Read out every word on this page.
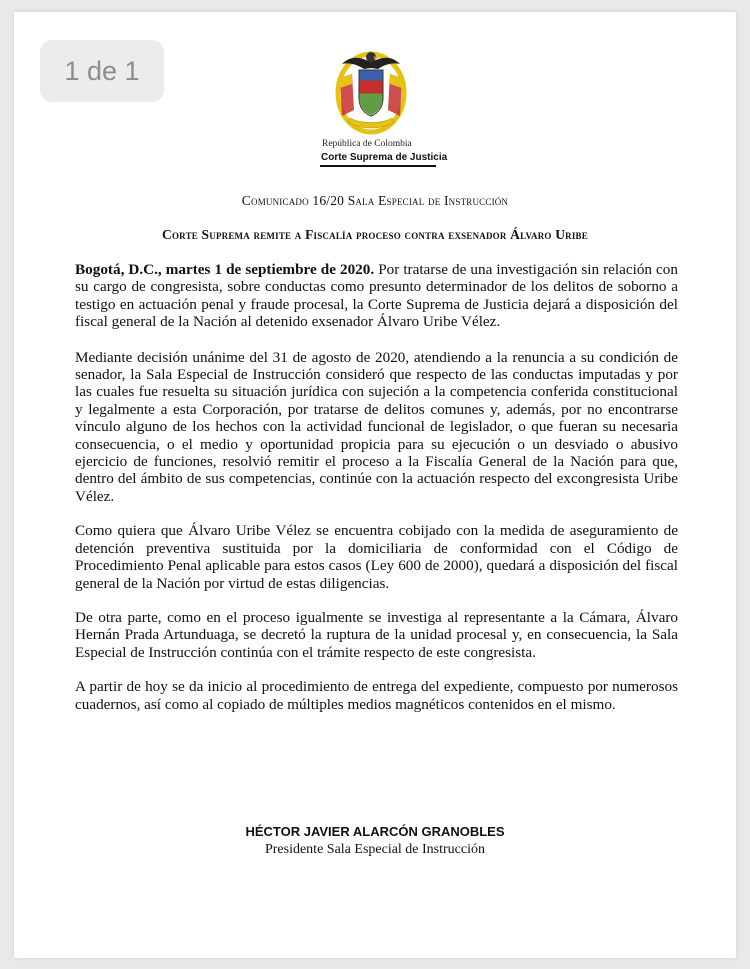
1 de 1
República de Colombia
Corte Suprema de Justicia
Comunicado 16/20 Sala Especial de Instrucción
Corte Suprema remite a Fiscalía proceso contra exsenador Álvaro Uribe

Bogotá, D.C., martes 1 de septiembre de 2020. Por tratarse de una investigación sin relación con su cargo de congresista, sobre conductas como presunto determinador de los delitos de soborno a testigo en actuación penal y fraude procesal, la Corte Suprema de Justicia dejará a disposición del fiscal general de la Nación al detenido exsenador Álvaro Uribe Vélez.

Mediante decisión unánime del 31 de agosto de 2020, atendiendo a la renuncia a su condición de senador, la Sala Especial de Instrucción consideró que respecto de las conductas imputadas y por las cuales fue resuelta su situación jurídica con sujeción a la competencia conferida constitucional y legalmente a esta Corporación, por tratarse de delitos comunes y, además, por no encontrarse vínculo alguno de los hechos con la actividad funcional de legislador, o que fueran su necesaria consecuencia, o el medio y oportunidad propicia para su ejecución o un desviado o abusivo ejercicio de funciones, resolvió remitir el proceso a la Fiscalía General de la Nación para que, dentro del ámbito de sus competencias, continúe con la actuación respecto del excongresista Uribe Vélez.

Como quiera que Álvaro Uribe Vélez se encuentra cobijado con la medida de aseguramiento de detención preventiva sustituida por la domiciliaria de conformidad con el Código de Procedimiento Penal aplicable para estos casos (Ley 600 de 2000), quedará a disposición del fiscal general de la Nación por virtud de estas diligencias.

De otra parte, como en el proceso igualmente se investiga al representante a la Cámara, Álvaro Hernán Prada Artunduaga, se decretó la ruptura de la unidad procesal y, en consecuencia, la Sala Especial de Instrucción continúa con el trámite respecto de este congresista.

A partir de hoy se da inicio al procedimiento de entrega del expediente, compuesto por numerosos cuadernos, así como al copiado de múltiples medios magnéticos contenidos en el mismo.

HÉCTOR JAVIER ALARCÓN GRANOBLES
Presidente Sala Especial de Instrucción
